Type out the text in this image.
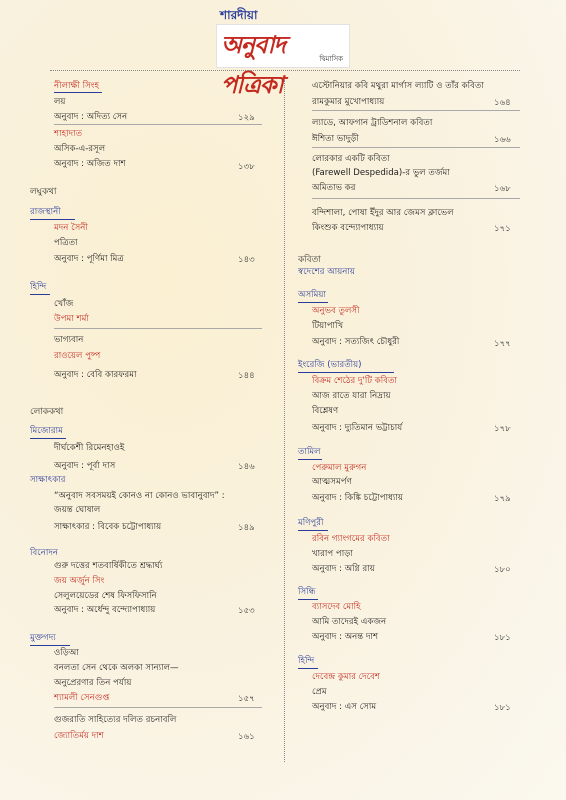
শারদীয়া
অনুবাদ পত্রিকা
দ্বিমাসিক
নীলাক্ষী সিংহ
লয়
অনুবাদ : অদিত্য সেন	১২৯
শাহাদাত
অসিক-এ-রসূল
অনুবাদ : অজিত দাশ	১৩৮
লঘুকথা
রাজস্থানী
মদন সৈনী
পত্রিতা
অনুবাদ : পূর্ণিমা মিত্র	১৪৩
হিন্দি
খোঁজ
উপমা শর্মা
ভাগ্যবান
রাওয়েল পুষ্প
অনুবাদ : বেবি কারফরমা	১৪৪
লোককথা
মিজোরাম
দীর্ঘকেশী রিমেনহাওই
অনুবাদ : পূর্বা দাস	১৪৬
সাক্ষাৎকার
“অনুবাদ সবসময়ই কোনও না কোনও ভাবানুবাদ” :
জয়ন্ত ঘোষাল
সাক্ষাৎকার : বিবেক চট্টোপাধ্যায়	১৪৯
বিনোদন
গুরু দত্তের শতবার্ষিকীতে শ্রদ্ধার্ঘ্য
জয় অর্জুন সিং
সেলুলয়েডের শেষ ফিসফিসানি
অনুবাদ : অর্ধেন্দু বন্দ্যোপাধ্যায়	১৫৩
মুক্তগদ্য
ওড়িআ
বনলতা সেন থেকে অলকা সান্যাল—
অনুপ্রেরণার তিন পর্যায়
শ্যামলী সেনগুপ্ত	১৫৭
গুজরাতি সাহিত্যের দলিত রচনাবলি
জ্যোতির্ময় দাশ	১৬১
এস্টোনিয়ার কবি মথুরা মার্গাস ল্যাটি ও তাঁর কবিতা
রামকুমার মুখোপাধ্যায়	১৬৪
ল্যাডে, আফগান ট্রাডিশনাল কবিতা
ঈশিতা ভাদুড়ী	১৬৬
লোরকার একটি কবিতা
(Farewell Despedida)-র ভুল তর্জমা
অমিতাভ কর	১৬৮
বন্দিশালা, পোষা ইঁদুর আর জেমস ক্লাভেল
কিংশুক বন্দ্যোপাধ্যায়	১৭১
কবিতা
স্বদেশের আয়নায়
অসমিয়া
অনুভব তুলসী
টিয়াপাখি
অনুবাদ : সত্যজিৎ চৌধুরী	১৭৭
ইংরেজি (ভারতীয়)
বিক্রম শেঠের দু'টি কবিতা
আজ রাতে যারা নিদ্রায়
বিশ্লেষণ
অনুবাদ : দ্যুতিমান ভট্টাচার্য	১৭৮
তামিল
পেরুমাল মুরুগন
আত্মসমর্পণ
অনুবাদ : কিঙ্কি চট্টোপাধ্যায়	১৭৯
মণিপুরী
রবিন গ্যাংগমের কবিতা
খারাপ পাড়া
অনুবাদ : অগ্নি রায়	১৮০
সিন্ধি
ব্যাসদেব মোহি
আমি তাদেরই একজন
অনুবাদ : অনন্ত দাশ	১৮১
হিন্দি
দেবেন্দ্র কুমার দেবেশ
প্রেম
অনুবাদ : এস সোম	১৮১
